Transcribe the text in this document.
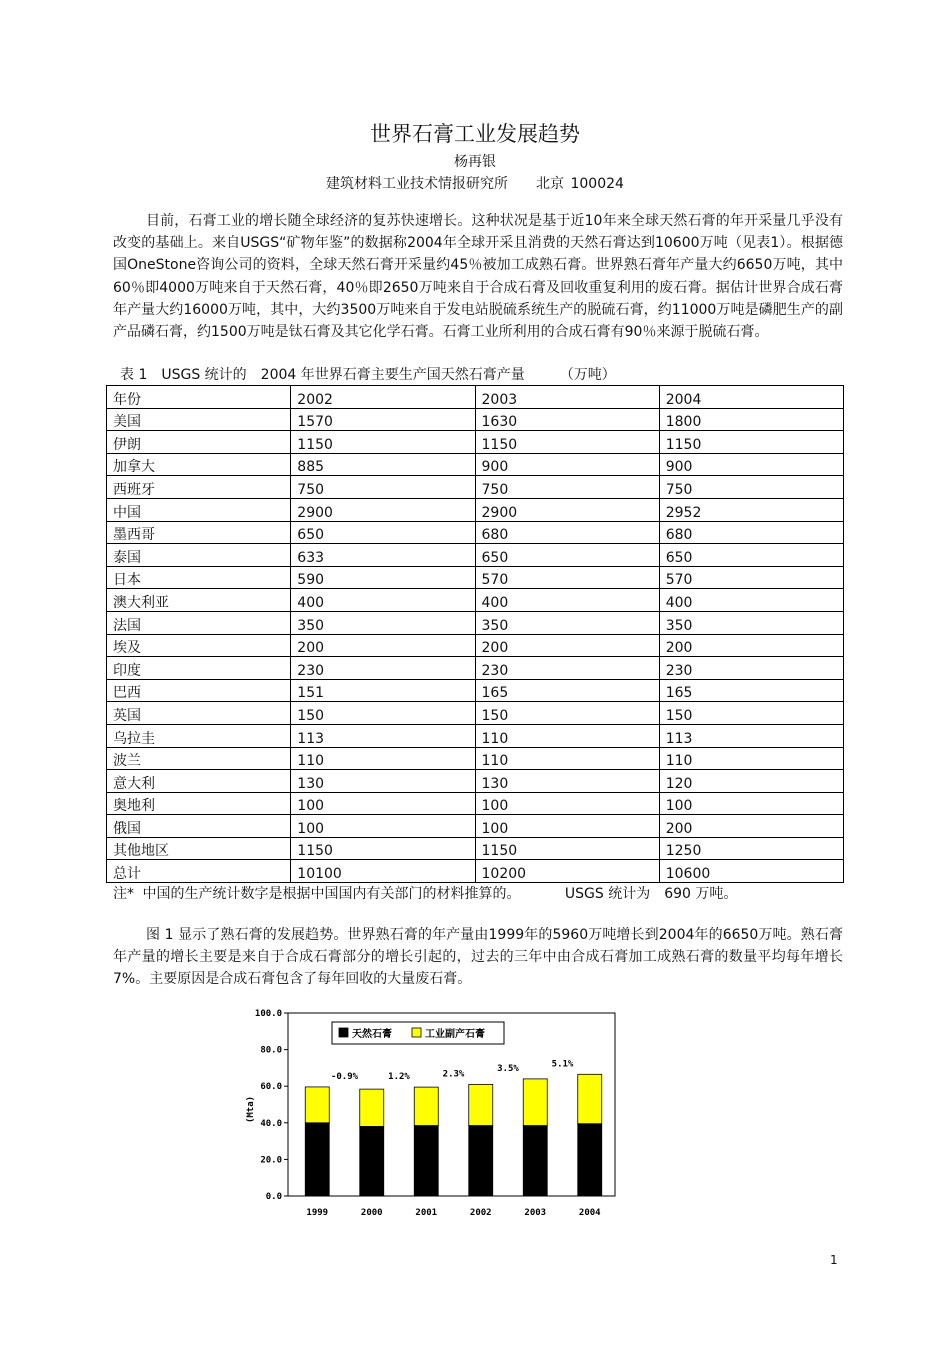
世界石膏工业发展趋势
杨再银
建筑材料工业技术情报研究所　　北京 100024

目前，石膏工业的增长随全球经济的复苏快速增长。这种状况是基于近10年来全球天然石膏的年开采量几乎没有改变的基础上。来自USGS“矿物年鉴”的数据称2004年全球开采且消费的天然石膏达到10600万吨（见表1）。根据德国OneStone咨询公司的资料，全球天然石膏开采量约45％被加工成熟石膏。世界熟石膏年产量大约6650万吨，其中60％即4000万吨来自于天然石膏，40％即2650万吨来自于合成石膏及回收重复利用的废石膏。据估计世界合成石膏年产量大约16000万吨，其中，大约3500万吨来自于发电站脱硫系统生产的脱硫石膏，约11000万吨是磷肥生产的副产品磷石膏，约1500万吨是钛石膏及其它化学石膏。石膏工业所利用的合成石膏有90％来源于脱硫石膏。

表 1　USGS 统计的　2004 年世界石膏主要生产国天然石膏产量　　　（万吨）
年份	2002	2003	2004
美国	1570	1630	1800
伊朗	1150	1150	1150
加拿大	885	900	900
西班牙	750	750	750
中国	2900	2900	2952
墨西哥	650	680	680
泰国	633	650	650
日本	590	570	570
澳大利亚	400	400	400
法国	350	350	350
埃及	200	200	200
印度	230	230	230
巴西	151	165	165
英国	150	150	150
乌拉圭	113	110	113
波兰	110	110	110
意大利	130	130	120
奥地利	100	100	100
俄国	100	100	200
其他地区	1150	1150	1250
总计	10100	10200	10600
注* 中国的生产统计数字是根据中国国内有关部门的材料推算的。	USGS 统计为　690 万吨。

图 1 显示了熟石膏的发展趋势。世界熟石膏的年产量由1999年的5960万吨增长到2004年的6650万吨。熟石膏年产量的增长主要是来自于合成石膏部分的增长引起的，过去的三年中由合成石膏加工成熟石膏的数量平均每年增长7%。主要原因是合成石膏包含了每年回收的大量废石膏。

0.0
20.0
40.0
60.0
80.0
100.0
(Mta)
1999	2000	2001	2002	2003	2004
-0.9%	1.2%	2.3%
3.5%	5.1%
天然石膏	工业副产石膏
1
